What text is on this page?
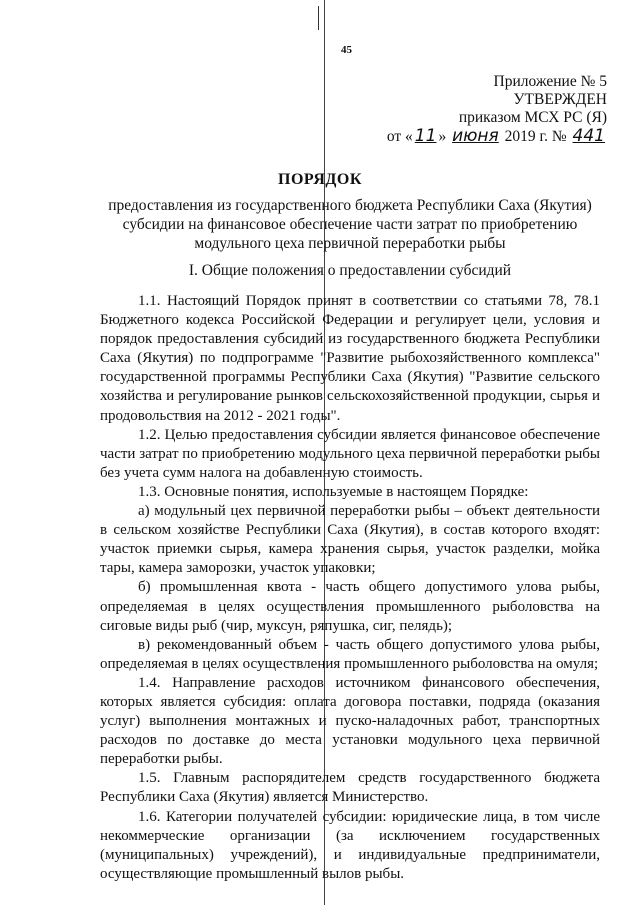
45
Приложение № 5
УТВЕРЖДЕН
приказом МСХ РС (Я)
от « 11 » июня 2019 г. № 441
ПОРЯДОК
предоставления из государственного бюджета Республики Саха (Якутия) субсидии на финансовое обеспечение части затрат по приобретению модульного цеха первичной переработки рыбы
I. Общие положения о предоставлении субсидий

1.1. Настоящий Порядок принят в соответствии со статьями 78, 78.1 Бюджетного кодекса Российской Федерации и регулирует цели, условия и порядок предоставления субсидий из государственного бюджета Республики Саха (Якутия) по подпрограмме "Развитие рыбохозяйственного комплекса" государственной программы Республики Саха (Якутия) "Развитие сельского хозяйства и регулирование рынков сельскохозяйственной продукции, сырья и продовольствия на 2012 - 2021 годы".

1.2. Целью предоставления субсидии является финансовое обеспечение части затрат по приобретению модульного цеха первичной переработки рыбы без учета сумм налога на добавленную стоимость.

1.3. Основные понятия, используемые в настоящем Порядке:

а) модульный цех первичной переработки рыбы – объект деятельности в сельском хозяйстве Республики Саха (Якутия), в состав которого входят: участок приемки сырья, камера хранения сырья, участок разделки, мойка тары, камера заморозки, участок упаковки;

б) промышленная квота - часть общего допустимого улова рыбы, определяемая в целях осуществления промышленного рыболовства на сиговые виды рыб (чир, муксун, ряпушка, сиг, пелядь);

в) рекомендованный объем - часть общего допустимого улова рыбы, определяемая в целях осуществления промышленного рыболовства на омуля;

1.4. Направление расходов источником финансового обеспечения, которых является субсидия: оплата договора поставки, подряда (оказания услуг) выполнения монтажных и пуско-наладочных работ, транспортных расходов по доставке до места установки модульного цеха первичной переработки рыбы.

1.5. Главным распорядителем средств государственного бюджета Республики Саха (Якутия) является Министерство.

1.6. Категории получателей субсидии: юридические лица, в том числе некоммерческие организации (за исключением государственных (муниципальных) учреждений), и индивидуальные предприниматели, осуществляющие промышленный вылов рыбы.
